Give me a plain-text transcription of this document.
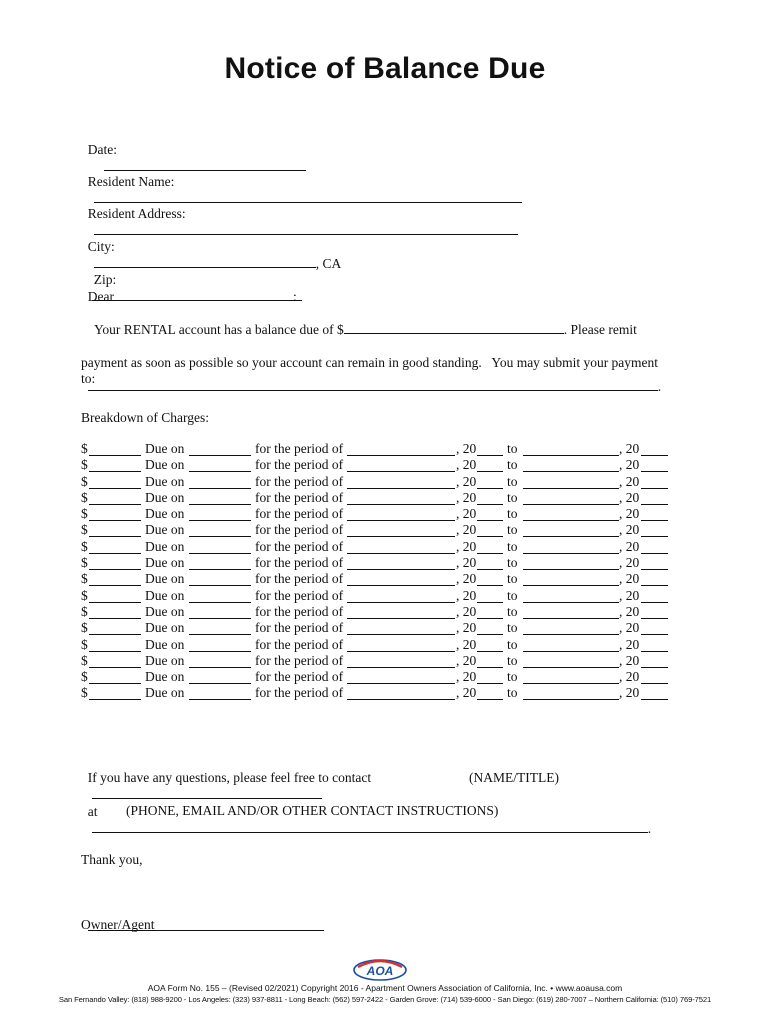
Notice of Balance Due

Date:

Resident Name:

Resident Address:

City:
, CA
Zip:

Dear	:

Your RENTAL account has a balance due of $	. Please remit

payment as soon as possible so your account can remain in good standing.   You may submit your payment
to:

.

Breakdown of Charges:
$	Due on	for the period of	, 20 to	, 20
$	Due on	for the period of	, 20 to	, 20
$	Due on	for the period of	, 20 to	, 20
$	Due on	for the period of	, 20 to	, 20
$	Due on	for the period of	, 20 to	, 20
$	Due on	for the period of	, 20 to	, 20
$	Due on	for the period of	, 20 to	, 20
$	Due on	for the period of	, 20 to	, 20
$	Due on	for the period of	, 20 to	, 20
$	Due on	for the period of	, 20 to	, 20
$	Due on	for the period of	, 20 to	, 20
$	Due on	for the period of	, 20 to	, 20
$	Due on	for the period of	, 20 to	, 20
$	Due on	for the period of	, 20 to	, 20
$	Due on	for the period of	, 20 to	, 20
$	Due on	for the period of	, 20 to	, 20

If you have any questions, please feel free to contact
	(NAME/TITLE)

at
.

(PHONE, EMAIL AND/OR OTHER CONTACT INSTRUCTIONS)
Thank you,

Owner/Agent
AOA
AOA Form No. 155 – (Revised 02/2021) Copyright 2016 - Apartment Owners Association of California, Inc. • www.aoausa.com
San Fernando Valley: (818) 988-9200 - Los Angeles: (323) 937-8811 - Long Beach: (562) 597-2422 - Garden Grove: (714) 539-6000 - San Diego: (619) 280-7007 – Northern California: (510) 769-7521
